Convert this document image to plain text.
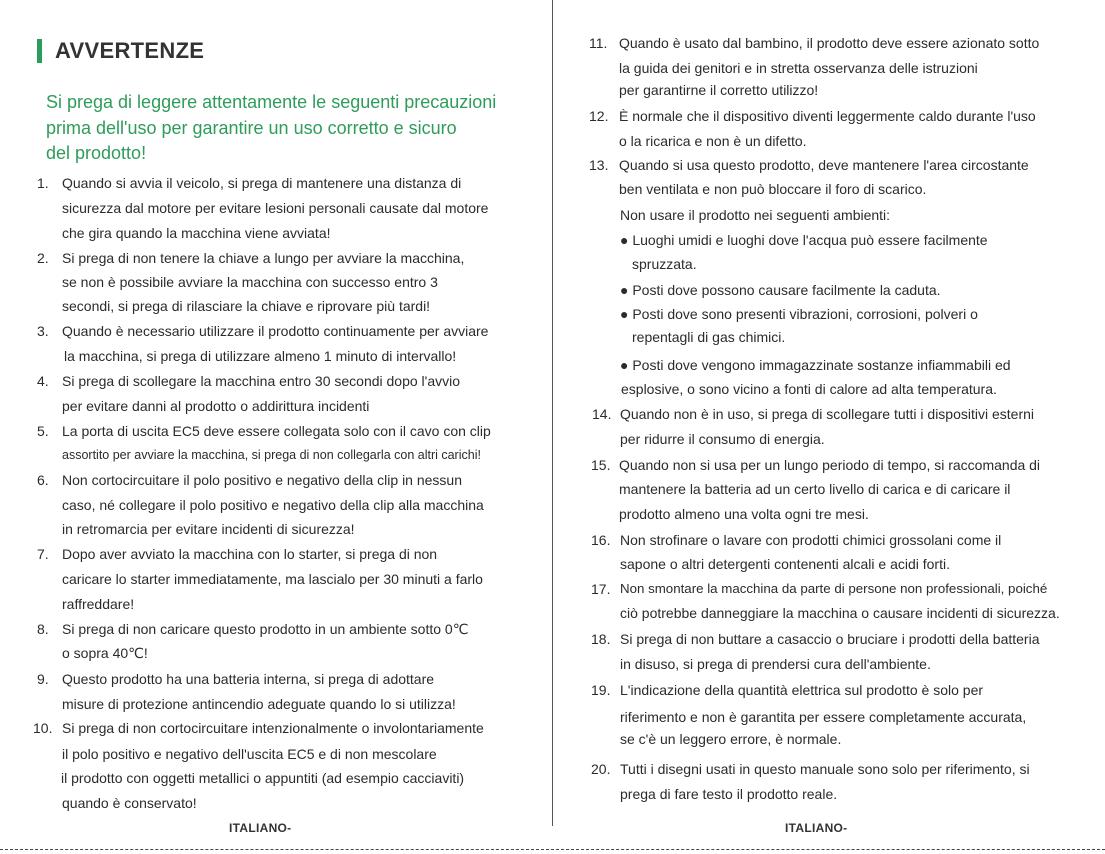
AVVERTENZE
Si prega di leggere attentamente le seguenti precauzioni
prima dell'uso per garantire un uso corretto e sicuro
del prodotto!
1. Quando si avvia il veicolo, si prega di mantenere una distanza di
sicurezza dal motore per evitare lesioni personali causate dal motore
che gira quando la macchina viene avviata!
2. Si prega di non tenere la chiave a lungo per avviare la macchina,
se non è possibile avviare la macchina con successo entro 3
secondi, si prega di rilasciare la chiave e riprovare più tardi!
3. Quando è necessario utilizzare il prodotto continuamente per avviare
la macchina, si prega di utilizzare almeno 1 minuto di intervallo!
4. Si prega di scollegare la macchina entro 30 secondi dopo l'avvio
per evitare danni al prodotto o addirittura incidenti
5. La porta di uscita EC5 deve essere collegata solo con il cavo con clip
assortito per avviare la macchina, si prega di non collegarla con altri carichi!
6. Non cortocircuitare il polo positivo e negativo della clip in nessun
caso, né collegare il polo positivo e negativo della clip alla macchina
in retromarcia per evitare incidenti di sicurezza!
7. Dopo aver avviato la macchina con lo starter, si prega di non
caricare lo starter immediatamente, ma lascialo per 30 minuti a farlo
raffreddare!
8. Si prega di non caricare questo prodotto in un ambiente sotto 0℃
o sopra 40℃!
9. Questo prodotto ha una batteria interna, si prega di adottare
misure di protezione antincendio adeguate quando lo si utilizza!
10. Si prega di non cortocircuitare intenzionalmente o involontariamente
il polo positivo e negativo dell'uscita EC5 e di non mescolare
il prodotto con oggetti metallici o appuntiti (ad esempio cacciaviti)
quando è conservato!
ITALIANO-
11. Quando è usato dal bambino, il prodotto deve essere azionato sotto
la guida dei genitori e in stretta osservanza delle istruzioni
per garantirne il corretto utilizzo!
12. È normale che il dispositivo diventi leggermente caldo durante l'uso
o la ricarica e non è un difetto.
13. Quando si usa questo prodotto, deve mantenere l'area circostante
ben ventilata e non può bloccare il foro di scarico.
Non usare il prodotto nei seguenti ambienti:
● Luoghi umidi e luoghi dove l'acqua può essere facilmente
spruzzata.
● Posti dove possono causare facilmente la caduta.
● Posti dove sono presenti vibrazioni, corrosioni, polveri o
repentagli di gas chimici.
● Posti dove vengono immagazzinate sostanze infiammabili ed
esplosive, o sono vicino a fonti di calore ad alta temperatura.
14. Quando non è in uso, si prega di scollegare tutti i dispositivi esterni
per ridurre il consumo di energia.
15. Quando non si usa per un lungo periodo di tempo, si raccomanda di
mantenere la batteria ad un certo livello di carica e di caricare il
prodotto almeno una volta ogni tre mesi.
16. Non strofinare o lavare con prodotti chimici grossolani come il
sapone o altri detergenti contenenti alcali e acidi forti.
17. Non smontare la macchina da parte di persone non professionali, poiché
ciò potrebbe danneggiare la macchina o causare incidenti di sicurezza.
18. Si prega di non buttare a casaccio o bruciare i prodotti della batteria
in disuso, si prega di prendersi cura dell'ambiente.
19. L'indicazione della quantità elettrica sul prodotto è solo per
riferimento e non è garantita per essere completamente accurata,
se c'è un leggero errore, è normale.
20. Tutti i disegni usati in questo manuale sono solo per riferimento, si
prega di fare testo il prodotto reale.
ITALIANO-
